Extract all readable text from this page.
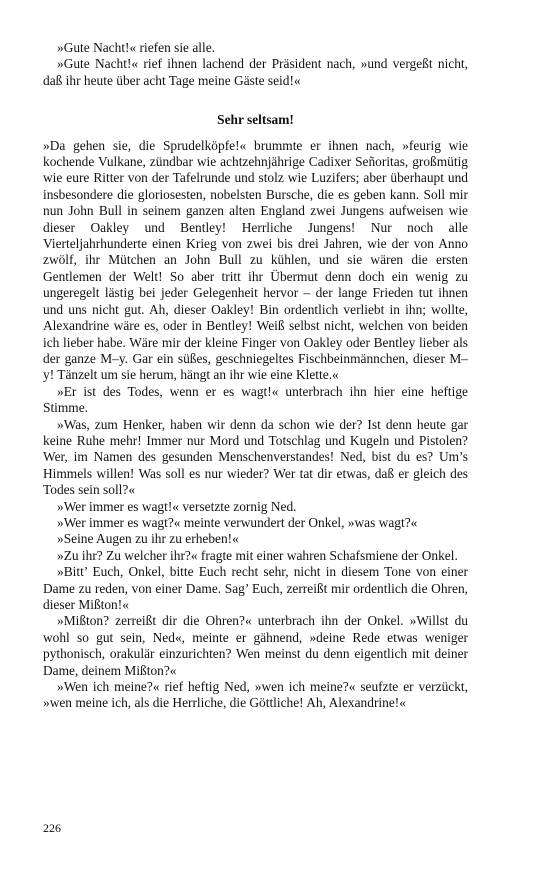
»Gute Nacht!« riefen sie alle.

»Gute Nacht!« rief ihnen lachend der Präsident nach, »und vergeßt nicht, daß ihr heute über acht Tage meine Gäste seid!«

Sehr seltsam!

»Da gehen sie, die Sprudelköpfe!« brummte er ihnen nach, »feurig wie kochende Vulkane, zündbar wie achtzehnjährige Cadixer Señoritas, großmütig wie eure Ritter von der Tafelrunde und stolz wie Luzifers; aber überhaupt und insbesondere die gloriosesten, nobelsten Bursche, die es geben kann. Soll mir nun John Bull in seinem ganzen alten England zwei Jungens aufweisen wie dieser Oakley und Bentley! Herrliche Jungens! Nur noch alle Vierteljahrhunderte einen Krieg von zwei bis drei Jahren, wie der von Anno zwölf, ihr Mütchen an John Bull zu kühlen, und sie wären die ersten Gentlemen der Welt! So aber tritt ihr Übermut denn doch ein wenig zu ungeregelt lästig bei jeder Gelegenheit hervor – der lange Frieden tut ihnen und uns nicht gut. Ah, dieser Oakley! Bin ordentlich verliebt in ihn; wollte, Alexandrine wäre es, oder in Bentley! Weiß selbst nicht, welchen von beiden ich lieber habe. Wäre mir der kleine Finger von Oakley oder Bentley lieber als der ganze M–y. Gar ein süßes, geschniegeltes Fischbeinmännchen, dieser M–y! Tänzelt um sie herum, hängt an ihr wie eine Klette.«

»Er ist des Todes, wenn er es wagt!« unterbrach ihn hier eine heftige Stimme.

»Was, zum Henker, haben wir denn da schon wie der? Ist denn heute gar keine Ruhe mehr! Immer nur Mord und Totschlag und Kugeln und Pistolen? Wer, im Namen des gesunden Menschenverstandes! Ned, bist du es? Um’s Himmels willen! Was soll es nur wieder? Wer tat dir etwas, daß er gleich des Todes sein soll?«

»Wer immer es wagt!« versetzte zornig Ned.

»Wer immer es wagt?« meinte verwundert der Onkel, »was wagt?«

»Seine Augen zu ihr zu erheben!«

»Zu ihr? Zu welcher ihr?« fragte mit einer wahren Schafsmiene der Onkel.

»Bitt’ Euch, Onkel, bitte Euch recht sehr, nicht in diesem Tone von einer Dame zu reden, von einer Dame. Sag’ Euch, zerreißt mir ordentlich die Ohren, dieser Mißton!«

»Mißton? zerreißt dir die Ohren?« unterbrach ihn der Onkel. »Willst du wohl so gut sein, Ned«, meinte er gähnend, »deine Rede etwas weniger pythonisch, orakulär einzurichten? Wen meinst du denn eigentlich mit deiner Dame, deinem Mißton?«

»Wen ich meine?« rief heftig Ned, »wen ich meine?« seufzte er verzückt, »wen meine ich, als die Herrliche, die Göttliche! Ah, Alexandrine!«

226
